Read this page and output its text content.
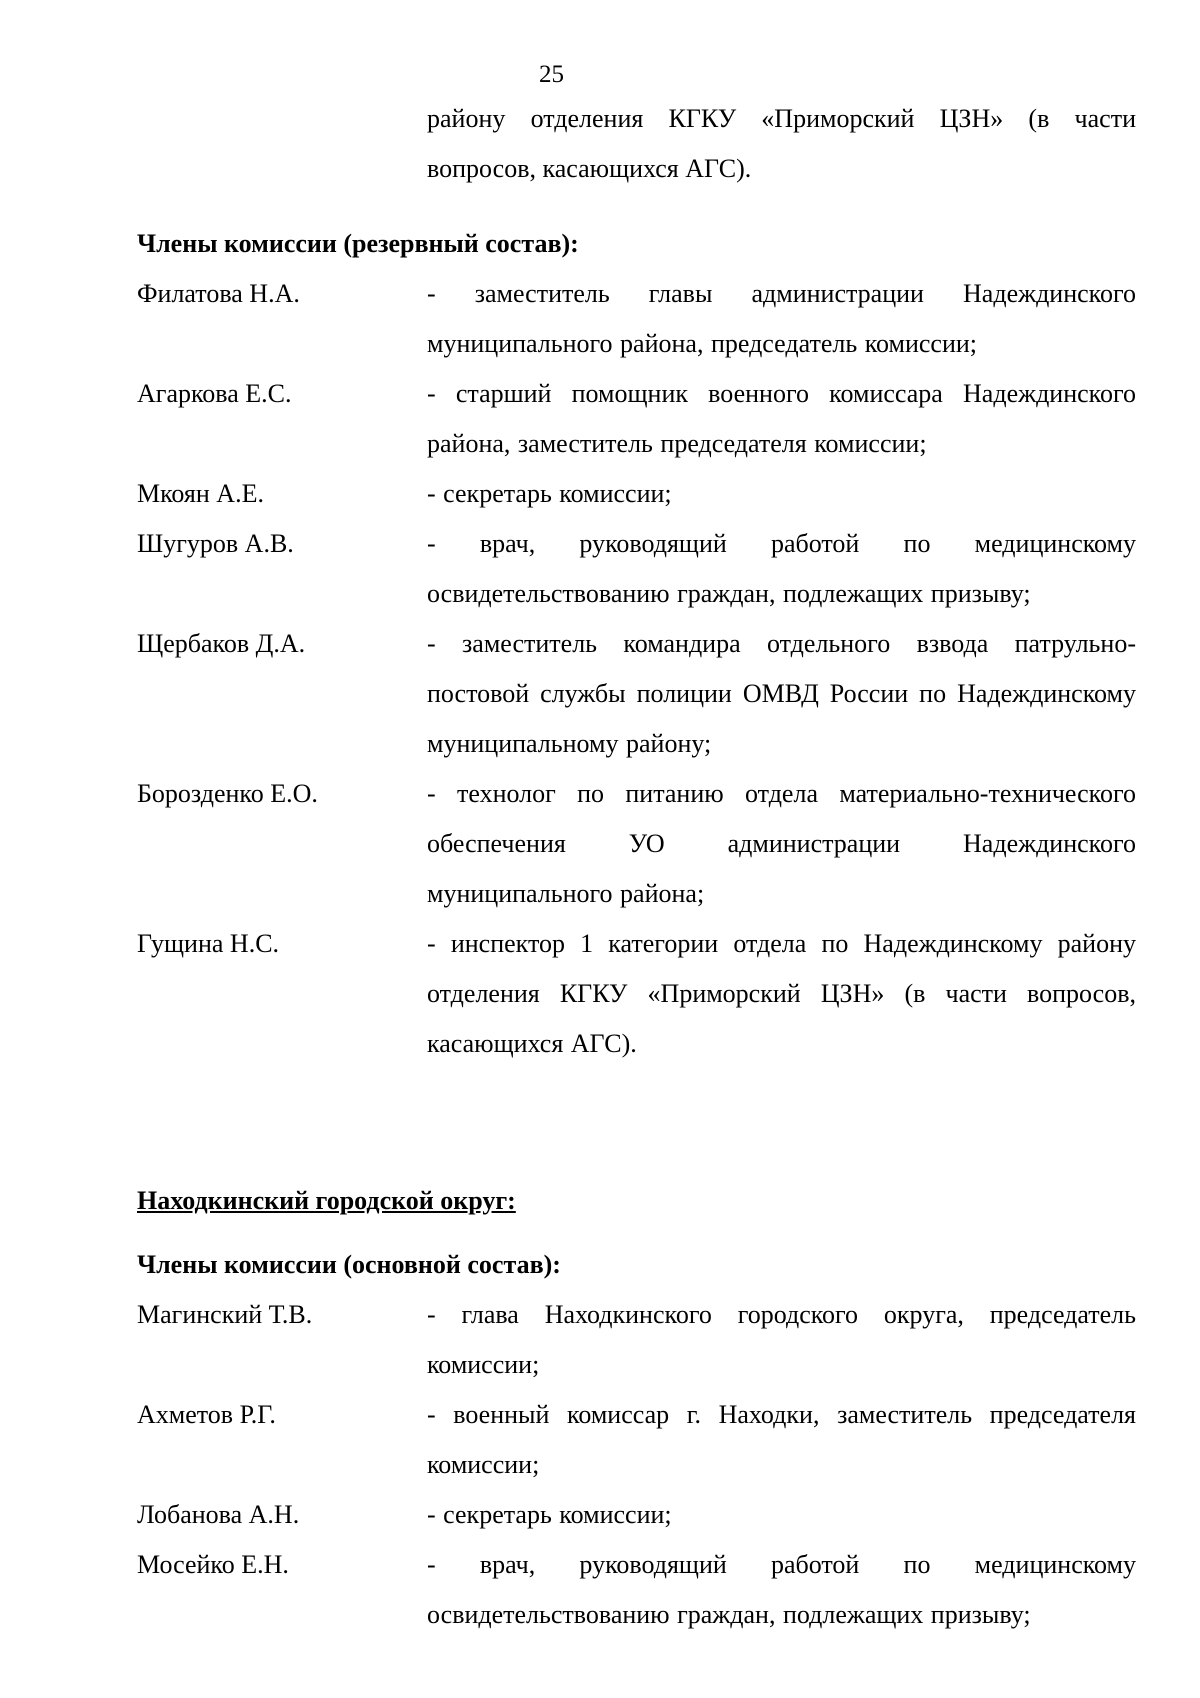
25
району отделения КГКУ «Приморский ЦЗН» (в части вопросов, касающихся АГС).
Члены комиссии (резервный состав):
Филатова Н.А.	- заместитель главы администрации Надеждинского муниципального района, председатель комиссии;
Агаркова Е.С.	- старший помощник военного комиссара Надеждинского района, заместитель председателя комиссии;
Мкоян А.Е.	- секретарь комиссии;
Шугуров А.В.	- врач, руководящий работой по медицинскому освидетельствованию граждан, подлежащих призыву;
Щербаков Д.А.	- заместитель командира отдельного взвода патрульно-постовой службы полиции ОМВД России по Надеждинскому муниципальному району;
Борозденко Е.О.	- технолог по питанию отдела материально-технического обеспечения УО администрации Надеждинского муниципального района;
Гущина Н.С.	- инспектор 1 категории отдела по Надеждинскому району отделения КГКУ «Приморский ЦЗН» (в части вопросов, касающихся АГС).
Находкинский городской округ:
Члены комиссии (основной состав):
Магинский Т.В.	- глава Находкинского городского округа, председатель комиссии;
Ахметов Р.Г.	- военный комиссар г. Находки, заместитель председателя комиссии;
Лобанова А.Н.	- секретарь комиссии;
Мосейко Е.Н.	- врач, руководящий работой по медицинскому освидетельствованию граждан, подлежащих призыву;
